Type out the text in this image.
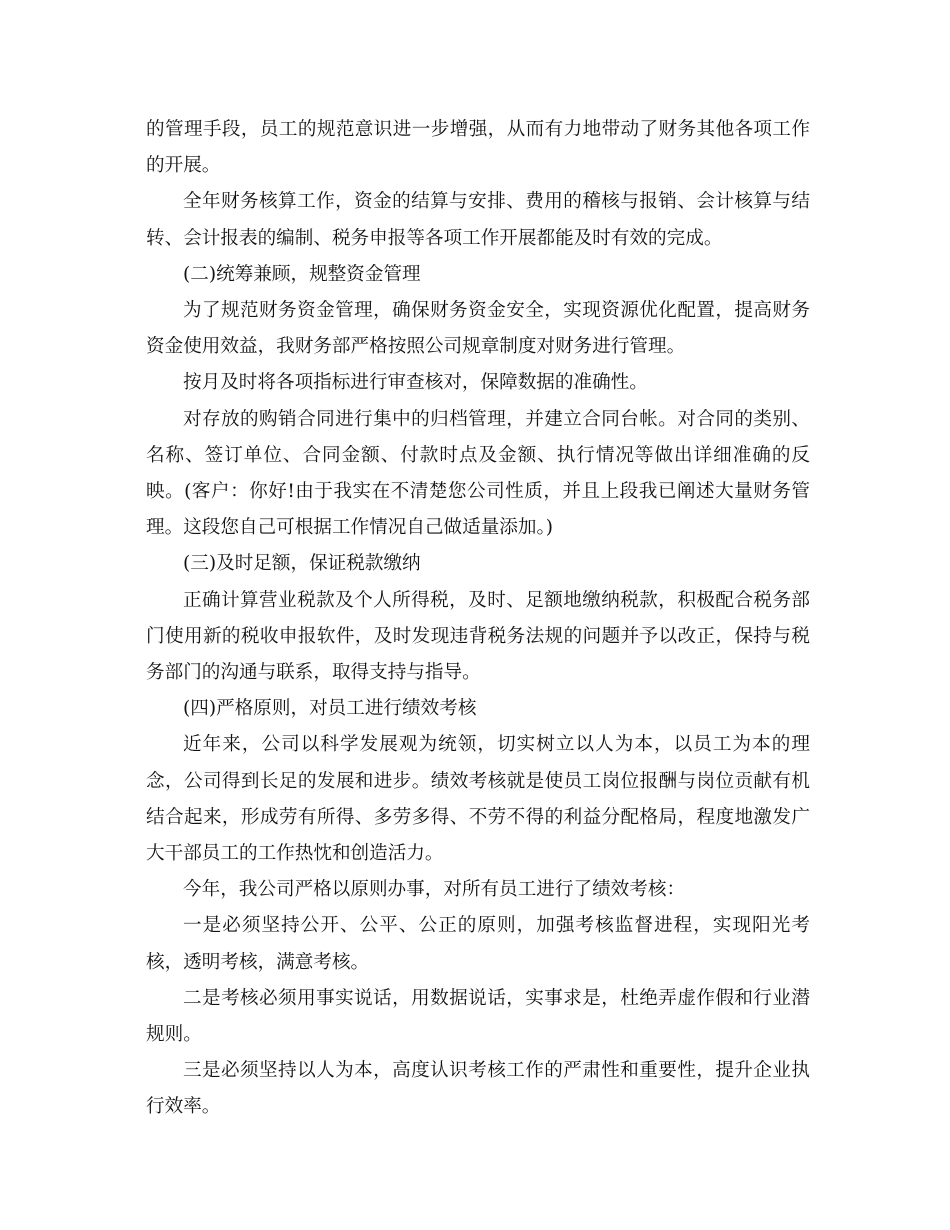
的管理手段，员工的规范意识进一步增强，从而有力地带动了财务其他各项工作的开展。

全年财务核算工作，资金的结算与安排、费用的稽核与报销、会计核算与结转、会计报表的编制、税务申报等各项工作开展都能及时有效的完成。

(二)统筹兼顾，规整资金管理

为了规范财务资金管理，确保财务资金安全，实现资源优化配置，提高财务资金使用效益，我财务部严格按照公司规章制度对财务进行管理。

按月及时将各项指标进行审查核对，保障数据的准确性。

对存放的购销合同进行集中的归档管理，并建立合同台帐。对合同的类别、名称、签订单位、合同金额、付款时点及金额、执行情况等做出详细准确的反映。(客户：你好!由于我实在不清楚您公司性质，并且上段我已阐述大量财务管理。这段您自己可根据工作情况自己做适量添加。)

(三)及时足额，保证税款缴纳

正确计算营业税款及个人所得税，及时、足额地缴纳税款，积极配合税务部门使用新的税收申报软件，及时发现违背税务法规的问题并予以改正，保持与税务部门的沟通与联系，取得支持与指导。

(四)严格原则，对员工进行绩效考核

近年来，公司以科学发展观为统领，切实树立以人为本，以员工为本的理念，公司得到长足的发展和进步。绩效考核就是使员工岗位报酬与岗位贡献有机结合起来，形成劳有所得、多劳多得、不劳不得的利益分配格局，程度地激发广大干部员工的工作热忱和创造活力。

今年，我公司严格以原则办事，对所有员工进行了绩效考核：

一是必须坚持公开、公平、公正的原则，加强考核监督进程，实现阳光考核，透明考核，满意考核。

二是考核必须用事实说话，用数据说话，实事求是，杜绝弄虚作假和行业潜规则。

三是必须坚持以人为本，高度认识考核工作的严肃性和重要性，提升企业执行效率。
